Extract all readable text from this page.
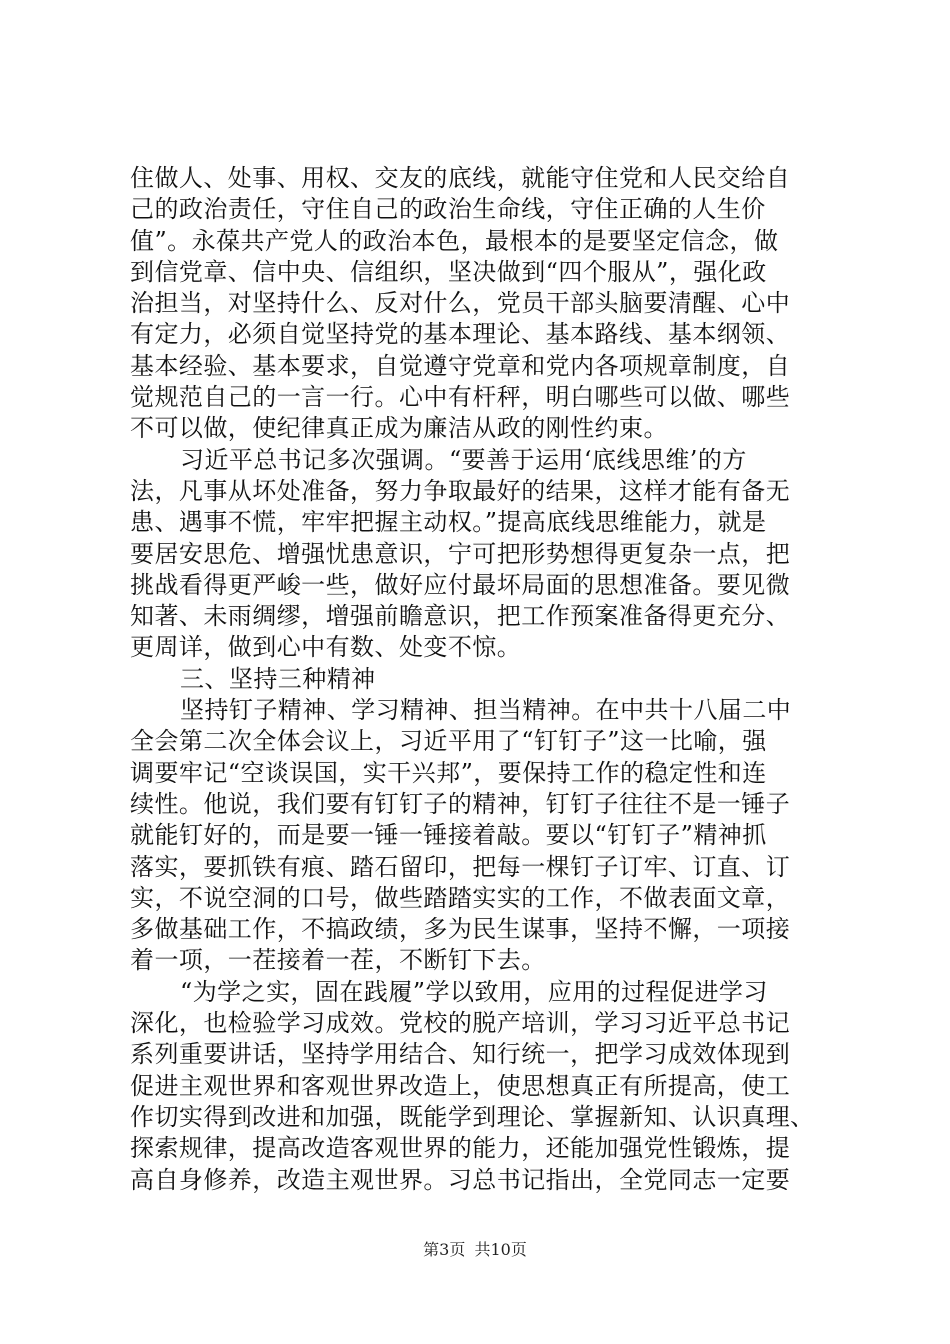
住做人、处事、用权、交友的底线，就能守住党和人民交给自
己的政治责任，守住自己的政治生命线，守住正确的人生价
值”。永葆共产党人的政治本色，最根本的是要坚定信念，做
到信党章、信中央、信组织，坚决做到“四个服从”，强化政
治担当，对坚持什么、反对什么，党员干部头脑要清醒、心中
有定力，必须自觉坚持党的基本理论、基本路线、基本纲领、
基本经验、基本要求，自觉遵守党章和党内各项规章制度，自
觉规范自己的一言一行。心中有杆秤，明白哪些可以做、哪些
不可以做，使纪律真正成为廉洁从政的刚性约束。
习近平总书记多次强调。“要善于运用‘底线思维’的方
法，凡事从坏处准备，努力争取最好的结果，这样才能有备无
患、遇事不慌，牢牢把握主动权。”提高底线思维能力，就是
要居安思危、增强忧患意识，宁可把形势想得更复杂一点，把
挑战看得更严峻一些，做好应付最坏局面的思想准备。要见微
知著、未雨绸缪，增强前瞻意识，把工作预案准备得更充分、
更周详，做到心中有数、处变不惊。
三、坚持三种精神
坚持钉子精神、学习精神、担当精神。在中共十八届二中
全会第二次全体会议上，习近平用了“钉钉子”这一比喻，强
调要牢记“空谈误国，实干兴邦”，要保持工作的稳定性和连
续性。他说，我们要有钉钉子的精神，钉钉子往往不是一锤子
就能钉好的，而是要一锤一锤接着敲。要以“钉钉子”精神抓
落实，要抓铁有痕、踏石留印，把每一棵钉子订牢、订直、订
实，不说空洞的口号，做些踏踏实实的工作，不做表面文章，
多做基础工作，不搞政绩，多为民生谋事，坚持不懈，一项接
着一项，一茬接着一茬，不断钉下去。
“为学之实，固在践履”学以致用，应用的过程促进学习
深化，也检验学习成效。党校的脱产培训，学习习近平总书记
系列重要讲话，坚持学用结合、知行统一，把学习成效体现到
促进主观世界和客观世界改造上，使思想真正有所提高，使工
作切实得到改进和加强，既能学到理论、掌握新知、认识真理、
探索规律，提高改造客观世界的能力，还能加强党性锻炼，提
高自身修养，改造主观世界。习总书记指出，全党同志一定要
第3页 共10页
